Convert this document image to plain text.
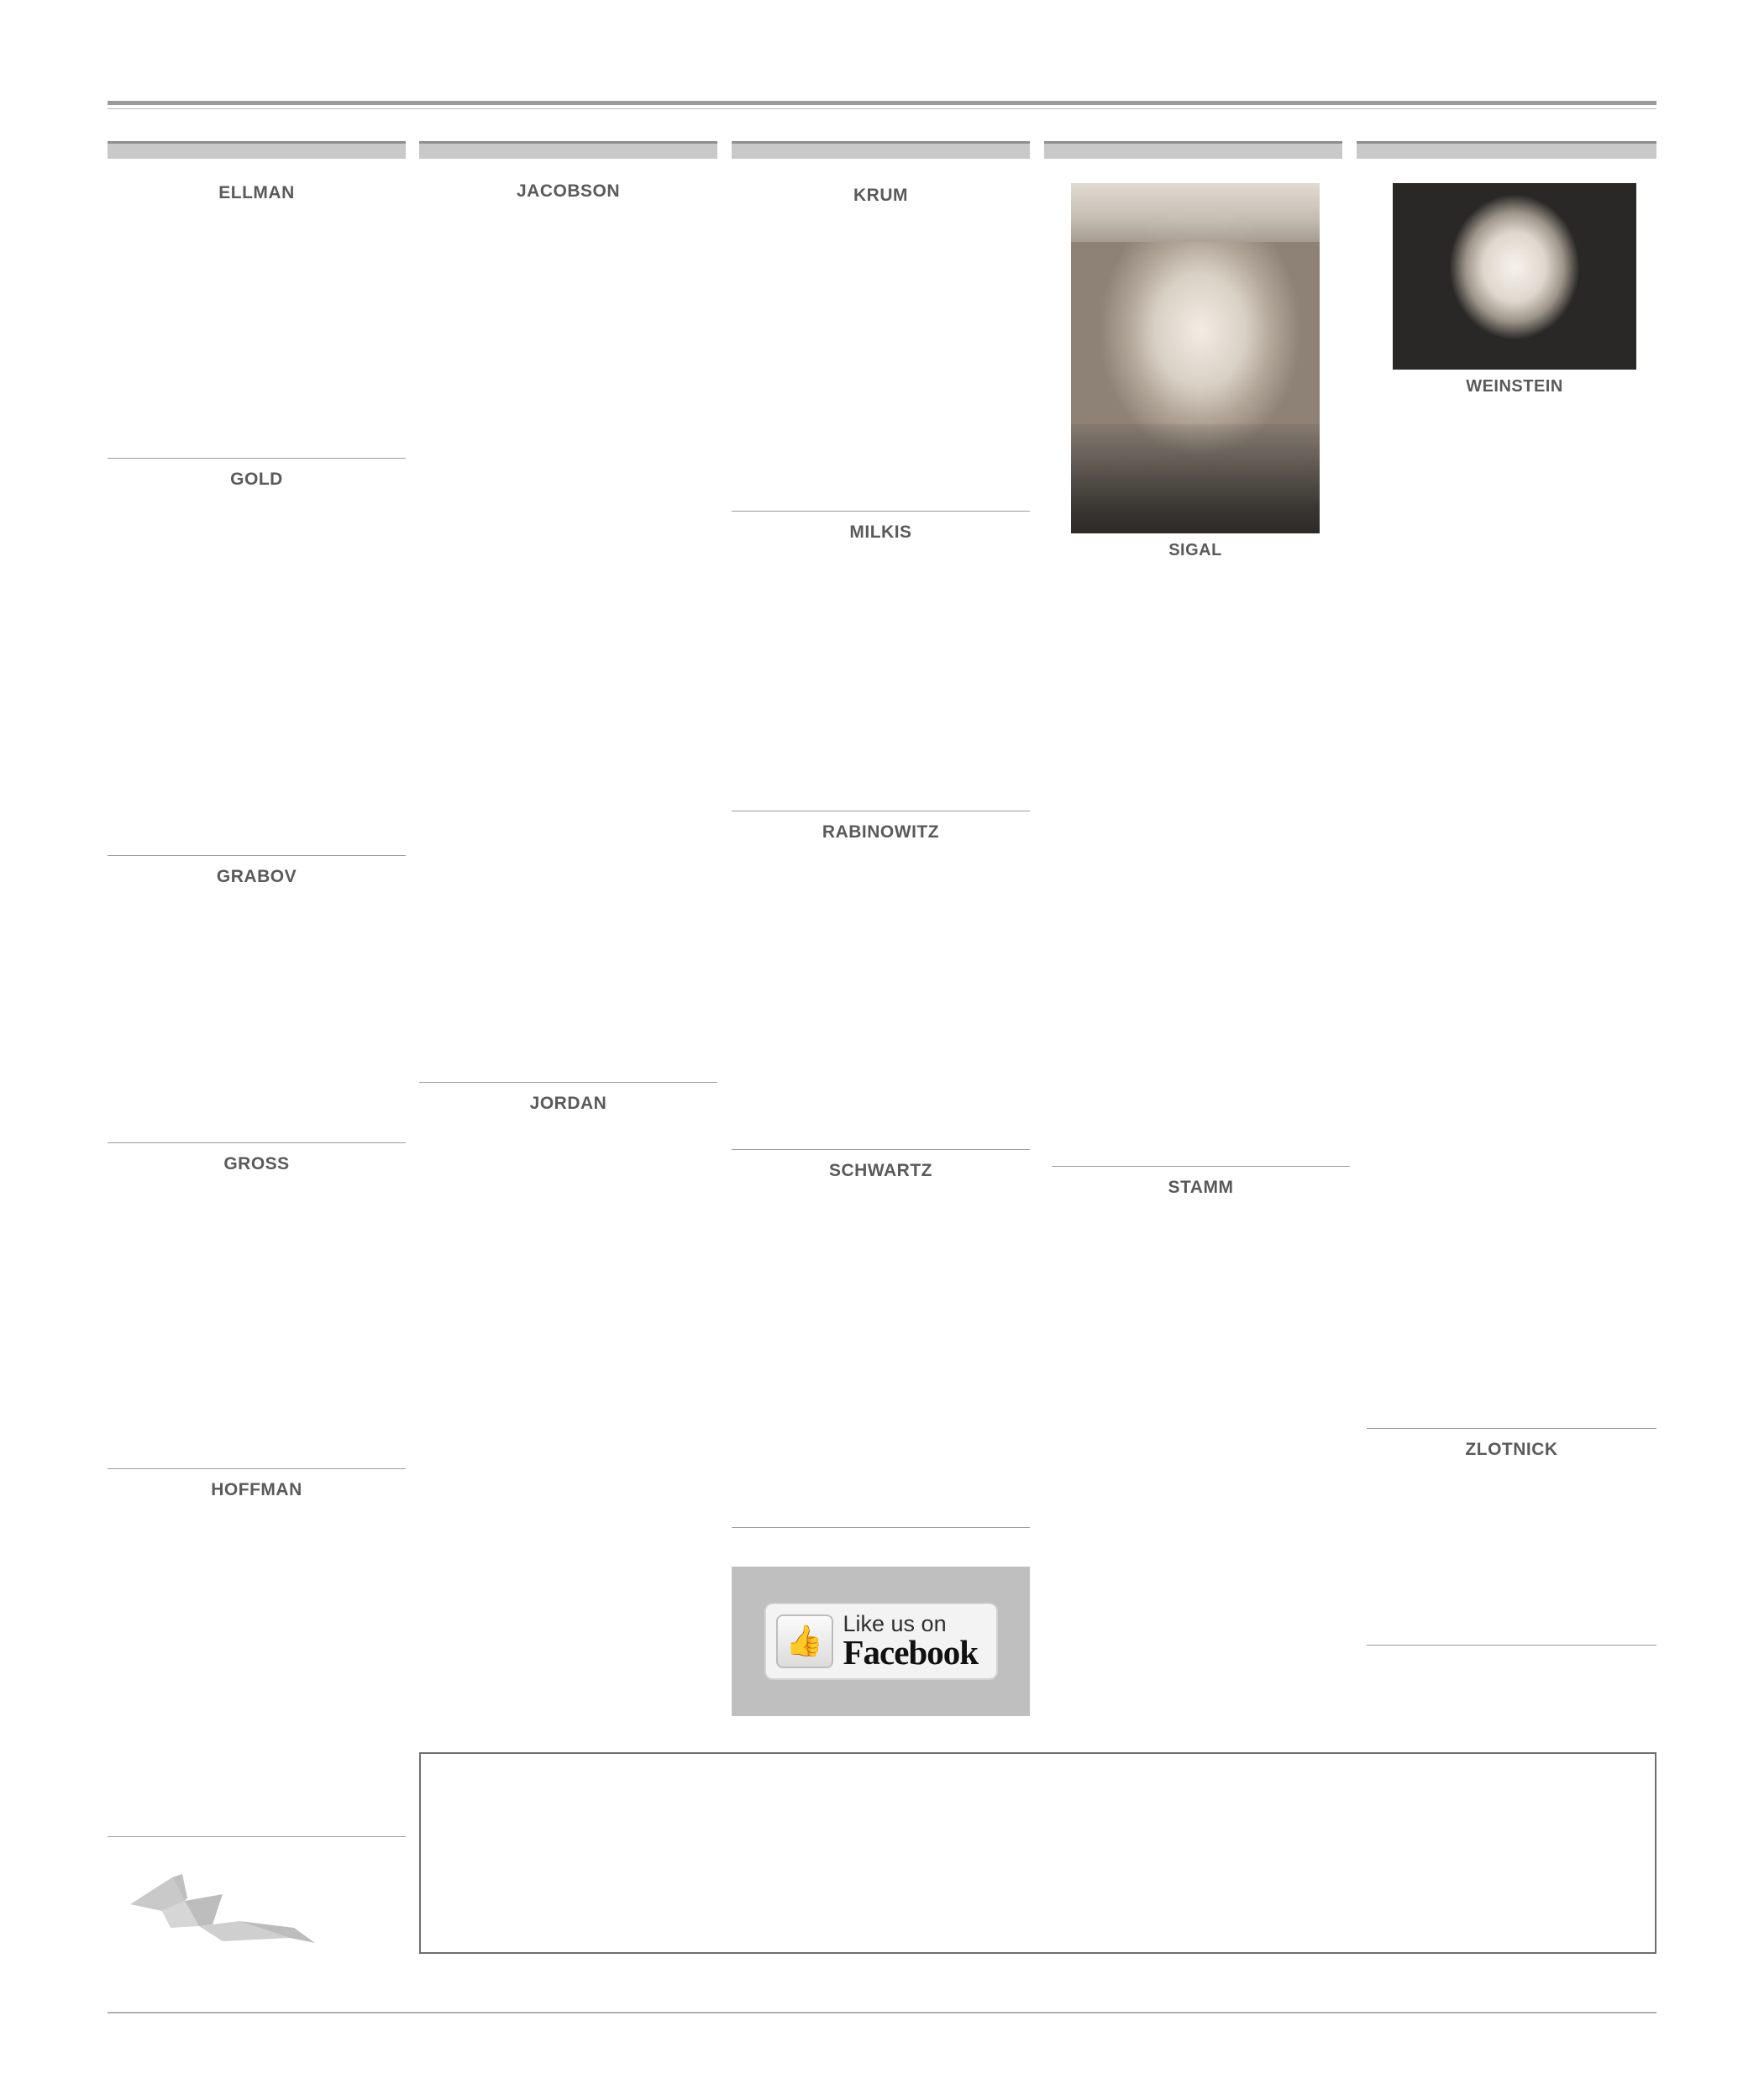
ELLMAN
GOLD
GRABOV
GROSS
HOFFMAN
JACOBSON
JORDAN
KRUM
MILKIS
RABINOWITZ
SCHWARTZ
SIGAL
STAMM
WEINSTEIN
ZLOTNICK
👍
Like us on
Facebook
